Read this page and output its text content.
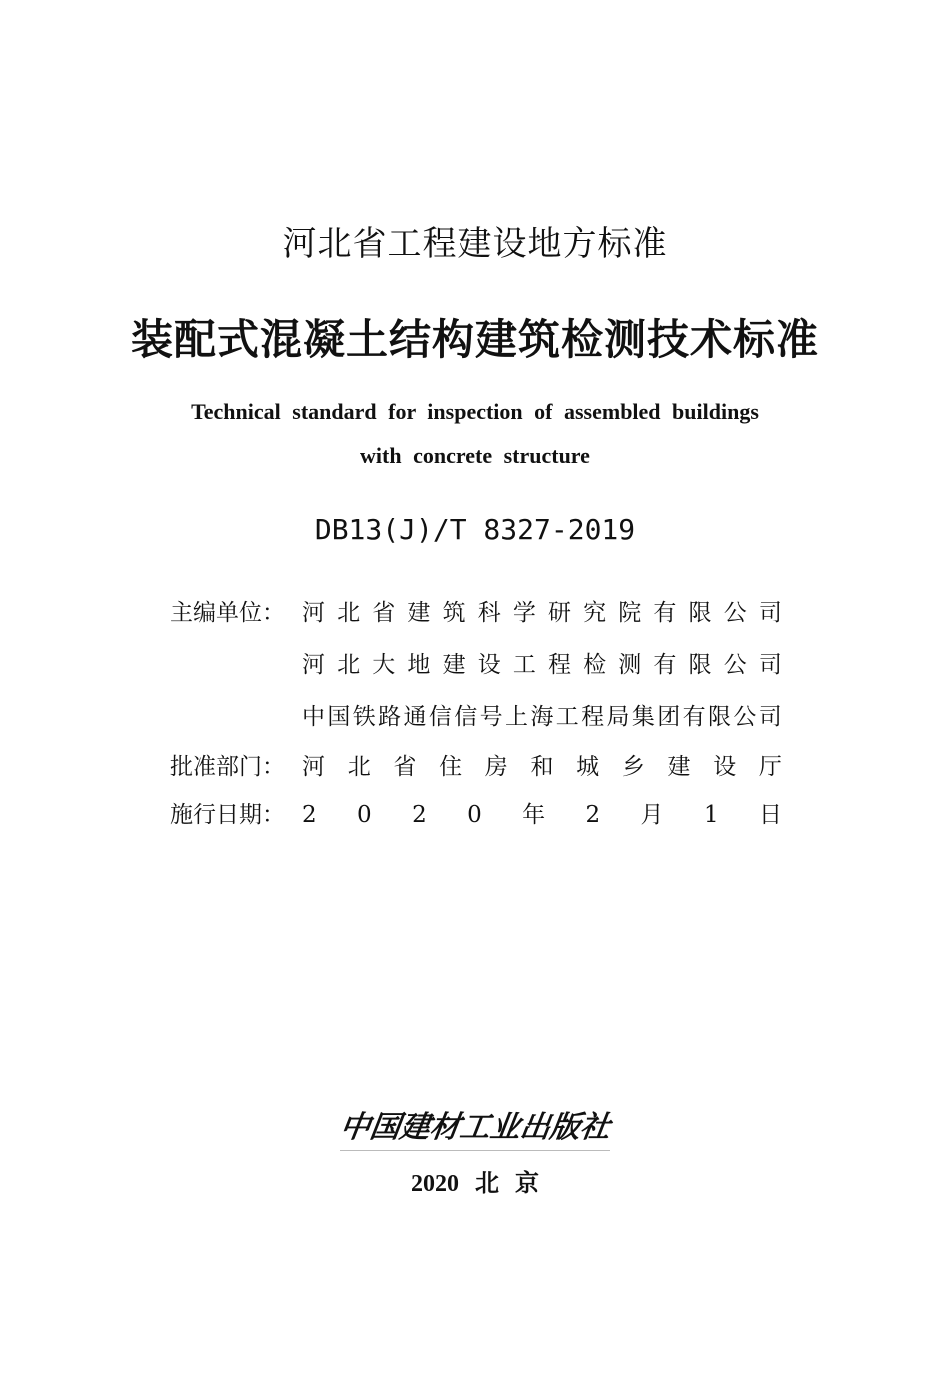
河北省工程建设地方标准
装配式混凝土结构建筑检测技术标准
Technical standard for inspection of assembled buildings
with concrete structure
DB13(J)/T 8327-2019
主编单位： 河 北 省 建 筑 科 学 研 究 院 有 限 公 司
河 北 大 地 建 设 工 程 检 测 有 限 公 司
中 国 铁 路 通 信 信 号 上 海 工 程 局 集 团 有 限 公 司
批准部门： 河 北 省 住 房 和 城 乡 建 设 厅
施行日期： 2 0 2 0 年 2 月 1 日
中国建材工业出版社
2020 北 京
